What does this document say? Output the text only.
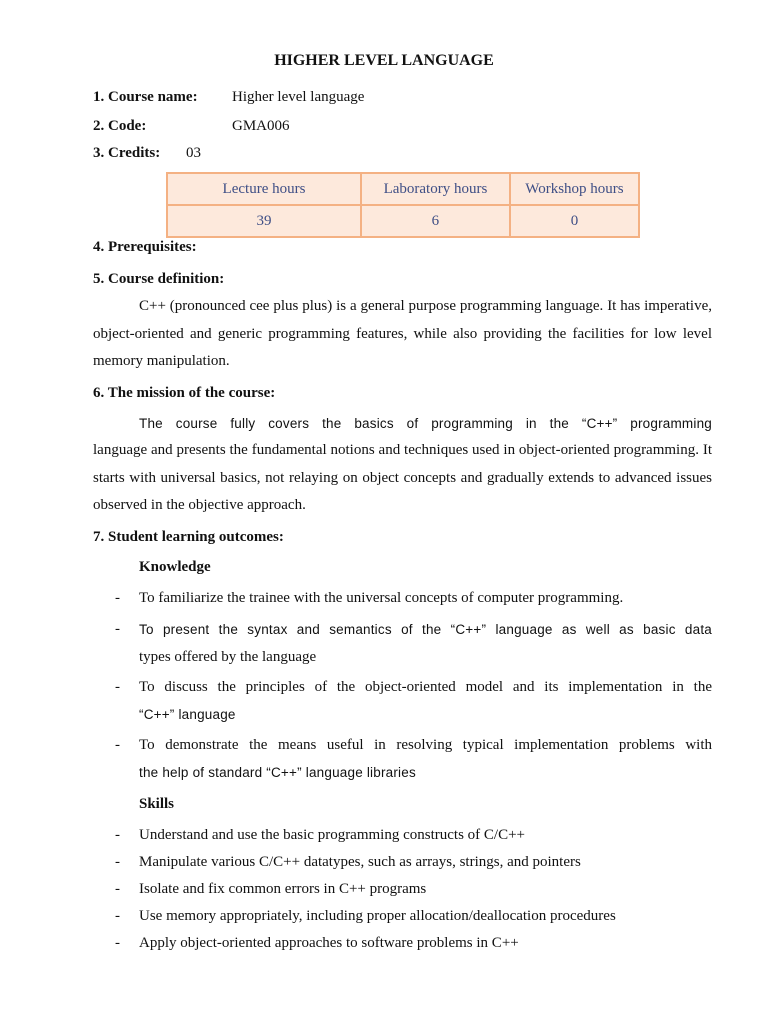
HIGHER LEVEL LANGUAGE
1. Course name: Higher level language
2. Code:	GMA006
3. Credits: 03
Lecture hours	Laboratory hours	Workshop hours
39	6	0
4. Prerequisites:
5. Course definition:
C++ (pronounced cee plus plus) is a general purpose programming language. It has imperative, object-oriented and generic programming features, while also providing the facilities for low level memory manipulation.
6. The mission of the course:
The course fully covers the basics of programming in the “C++” programming
language and presents the fundamental notions and techniques used in object-oriented programming. It starts with universal basics, not relaying on object concepts and gradually extends to advanced issues observed in the objective approach.
7. Student learning outcomes:
Knowledge
- To familiarize the trainee with the universal concepts of computer programming.
- To present the syntax and semantics of the “C++” language as well as basic data
types offered by the language
- To discuss the principles of the object-oriented model and its implementation in the
“C++” language
- To demonstrate the means useful in resolving typical implementation problems with
the help of standard “C++” language libraries
Skills
- Understand and use the basic programming constructs of C/C++
- Manipulate various C/C++ datatypes, such as arrays, strings, and pointers
- Isolate and fix common errors in C++ programs
- Use memory appropriately, including proper allocation/deallocation procedures
- Apply object-oriented approaches to software problems in C++
